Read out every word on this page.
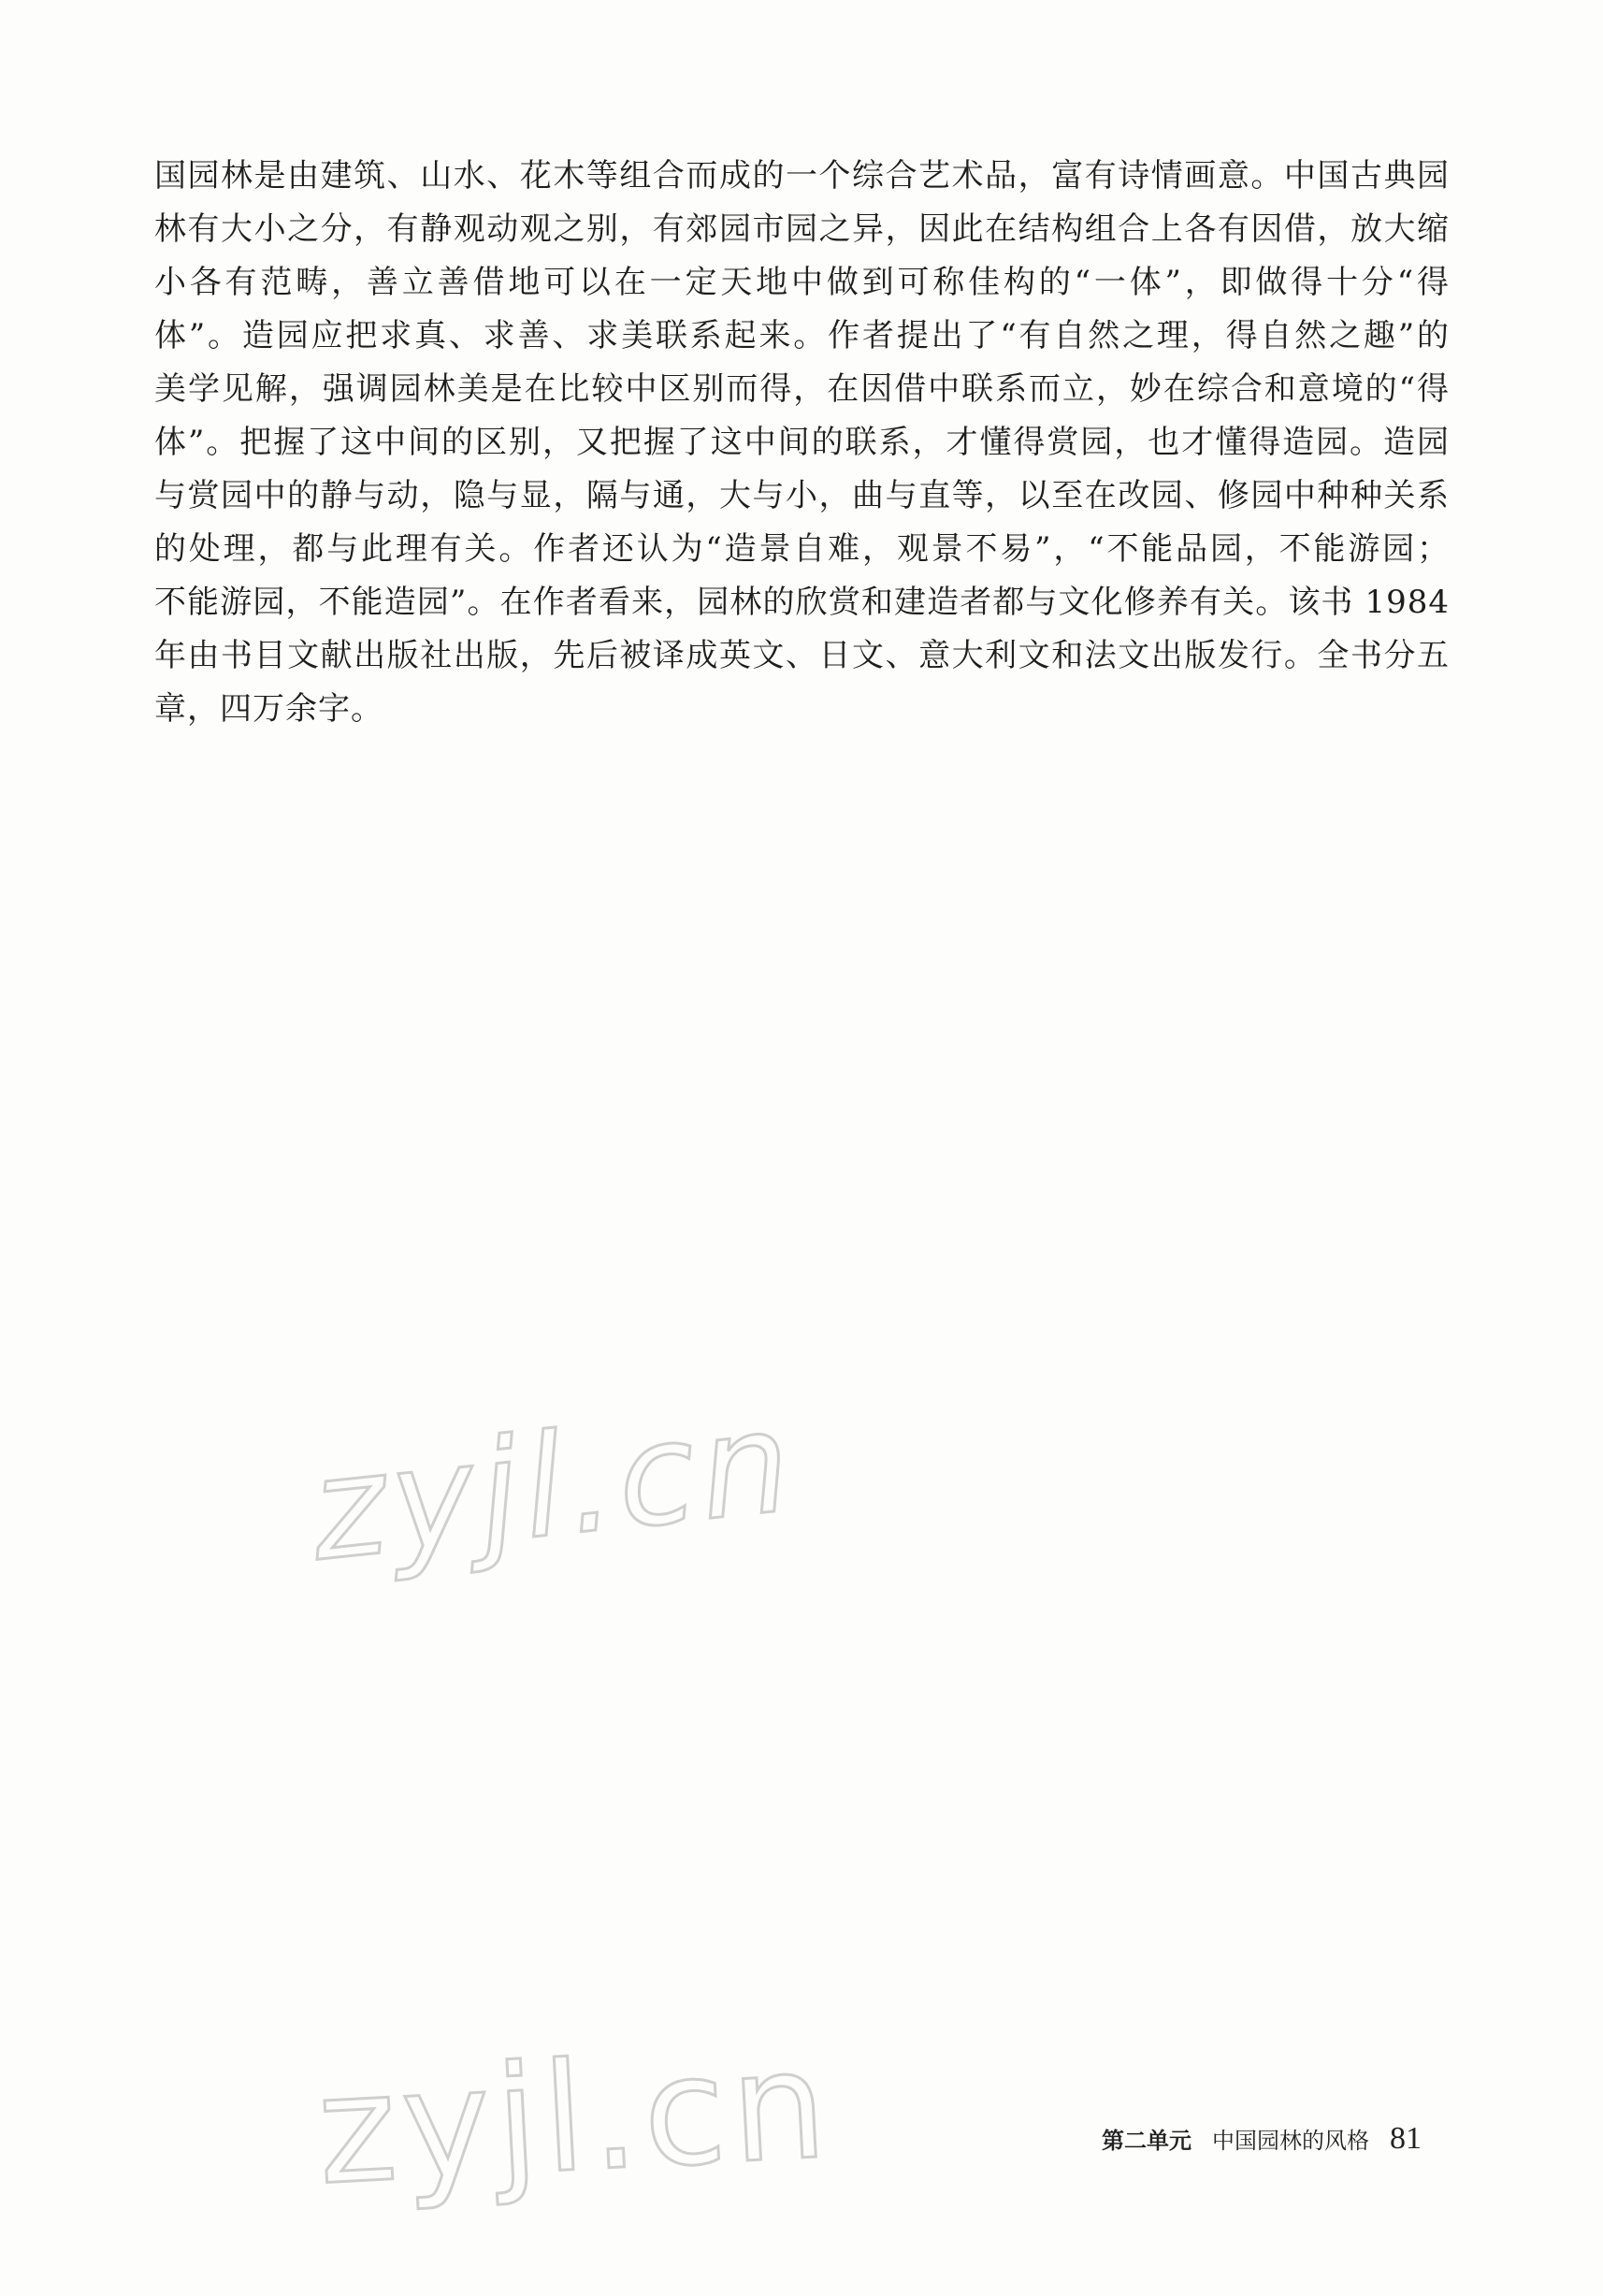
国园林是由建筑、山水、花木等组合而成的一个综合艺术品，富有诗情画意。中国古典园
林有大小之分，有静观动观之别，有郊园市园之异，因此在结构组合上各有因借，放大缩
小各有范畴，善立善借地可以在一定天地中做到可称佳构的“一体”，即做得十分“得
体”。造园应把求真、求善、求美联系起来。作者提出了“有自然之理，得自然之趣”的
美学见解，强调园林美是在比较中区别而得，在因借中联系而立，妙在综合和意境的“得
体”。把握了这中间的区别，又把握了这中间的联系，才懂得赏园，也才懂得造园。造园
与赏园中的静与动，隐与显，隔与通，大与小，曲与直等，以至在改园、修园中种种关系
的处理，都与此理有关。作者还认为“造景自难，观景不易”，“不能品园，不能游园；
不能游园，不能造园”。在作者看来，园林的欣赏和建造者都与文化修养有关。该书 1984
年由书目文献出版社出版，先后被译成英文、日文、意大利文和法文出版发行。全书分五
章，四万余字。
zyjl.cn
zyjl.cn	第二单元 中国园林的风格 81
